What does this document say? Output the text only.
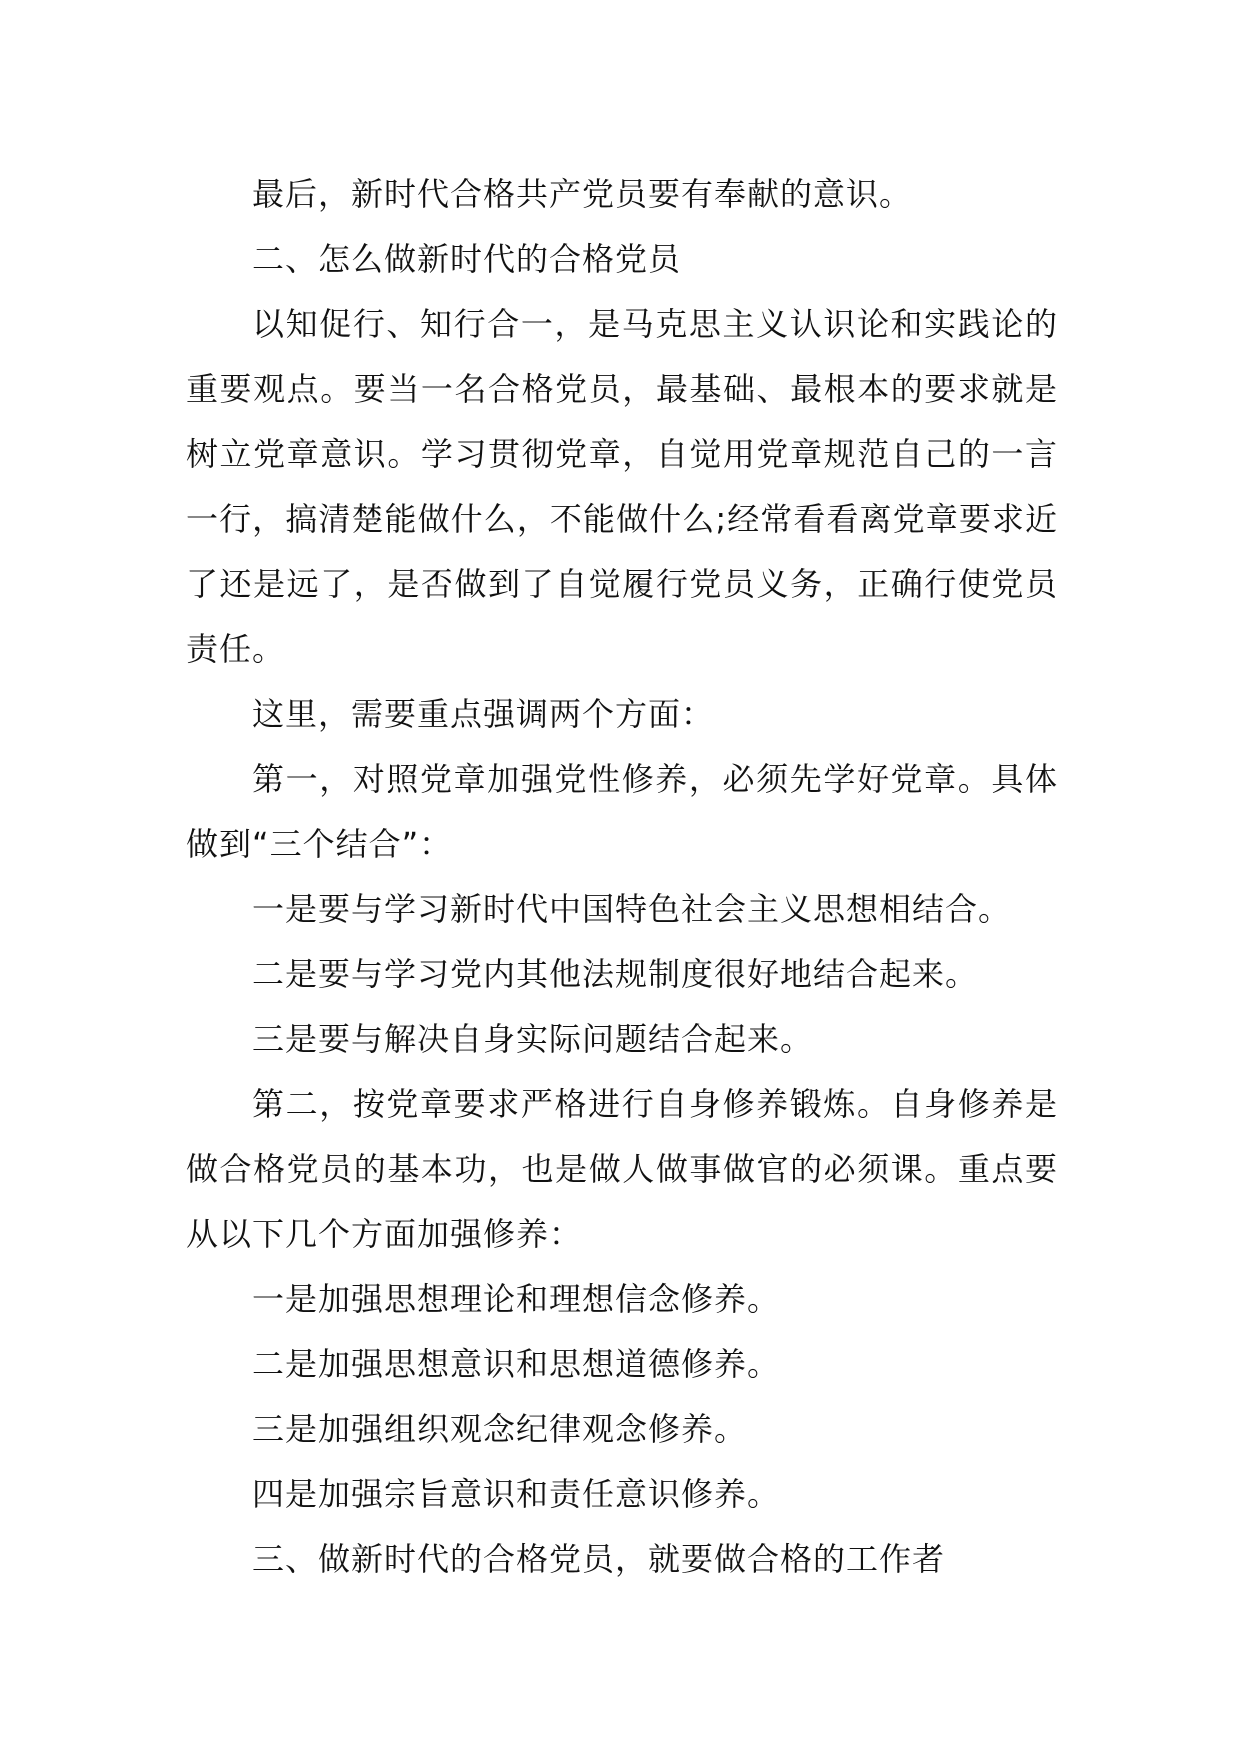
最后，新时代合格共产党员要有奉献的意识。

二、怎么做新时代的合格党员

以知促行、知行合一，是马克思主义认识论和实践论的重要观点。要当一名合格党员，最基础、最根本的要求就是树立党章意识。学习贯彻党章，自觉用党章规范自己的一言一行，搞清楚能做什么，不能做什么;经常看看离党章要求近了还是远了，是否做到了自觉履行党员义务，正确行使党员责任。

这里，需要重点强调两个方面：

第一，对照党章加强党性修养，必须先学好党章。具体做到“三个结合”：

一是要与学习新时代中国特色社会主义思想相结合。

二是要与学习党内其他法规制度很好地结合起来。

三是要与解决自身实际问题结合起来。

第二，按党章要求严格进行自身修养锻炼。自身修养是做合格党员的基本功，也是做人做事做官的必须课。重点要从以下几个方面加强修养：

一是加强思想理论和理想信念修养。

二是加强思想意识和思想道德修养。

三是加强组织观念纪律观念修养。

四是加强宗旨意识和责任意识修养。

三、做新时代的合格党员，就要做合格的工作者
